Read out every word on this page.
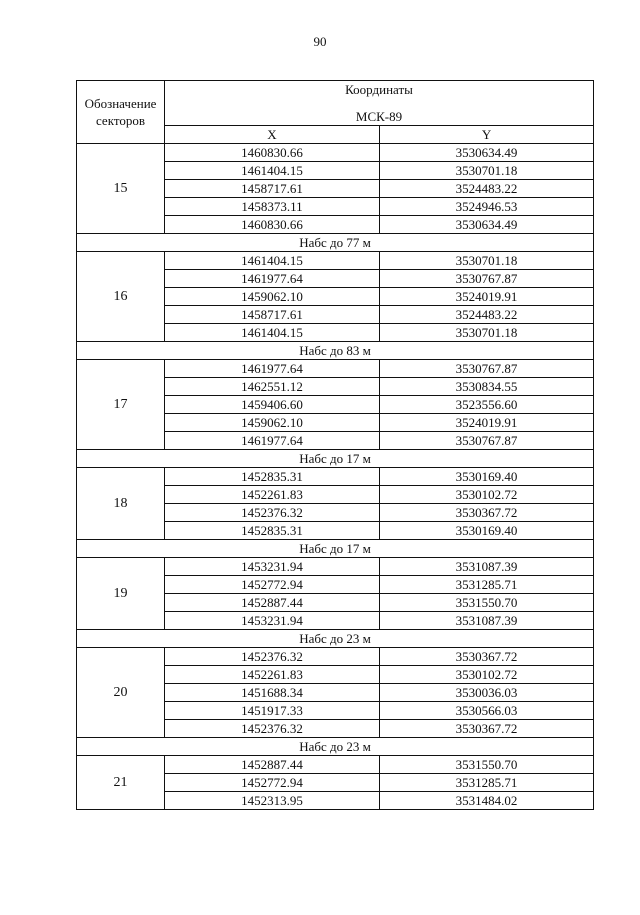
90
Обозначение секторов	Координаты
МСК-89	

	X	Y
15	1460830.66	3530634.49
	1461404.15	3530701.18
	1458717.61	3524483.22
	1458373.11	3524946.53
	1460830.66	3530634.49
Набс до 77 м		
16	1461404.15	3530701.18
	1461977.64	3530767.87
	1459062.10	3524019.91
	1458717.61	3524483.22
	1461404.15	3530701.18
Набс до 83 м		
17	1461977.64	3530767.87
	1462551.12	3530834.55
	1459406.60	3523556.60
	1459062.10	3524019.91
	1461977.64	3530767.87
Набс до 17 м		
18	1452835.31	3530169.40
	1452261.83	3530102.72
	1452376.32	3530367.72
	1452835.31	3530169.40
Набс до 17 м		
19	1453231.94	3531087.39
	1452772.94	3531285.71
	1452887.44	3531550.70
	1453231.94	3531087.39
Набс до 23 м		
20	1452376.32	3530367.72
	1452261.83	3530102.72
	1451688.34	3530036.03
	1451917.33	3530566.03
	1452376.32	3530367.72
Набс до 23 м		
21	1452887.44	3531550.70
	1452772.94	3531285.71
	1452313.95	3531484.02
